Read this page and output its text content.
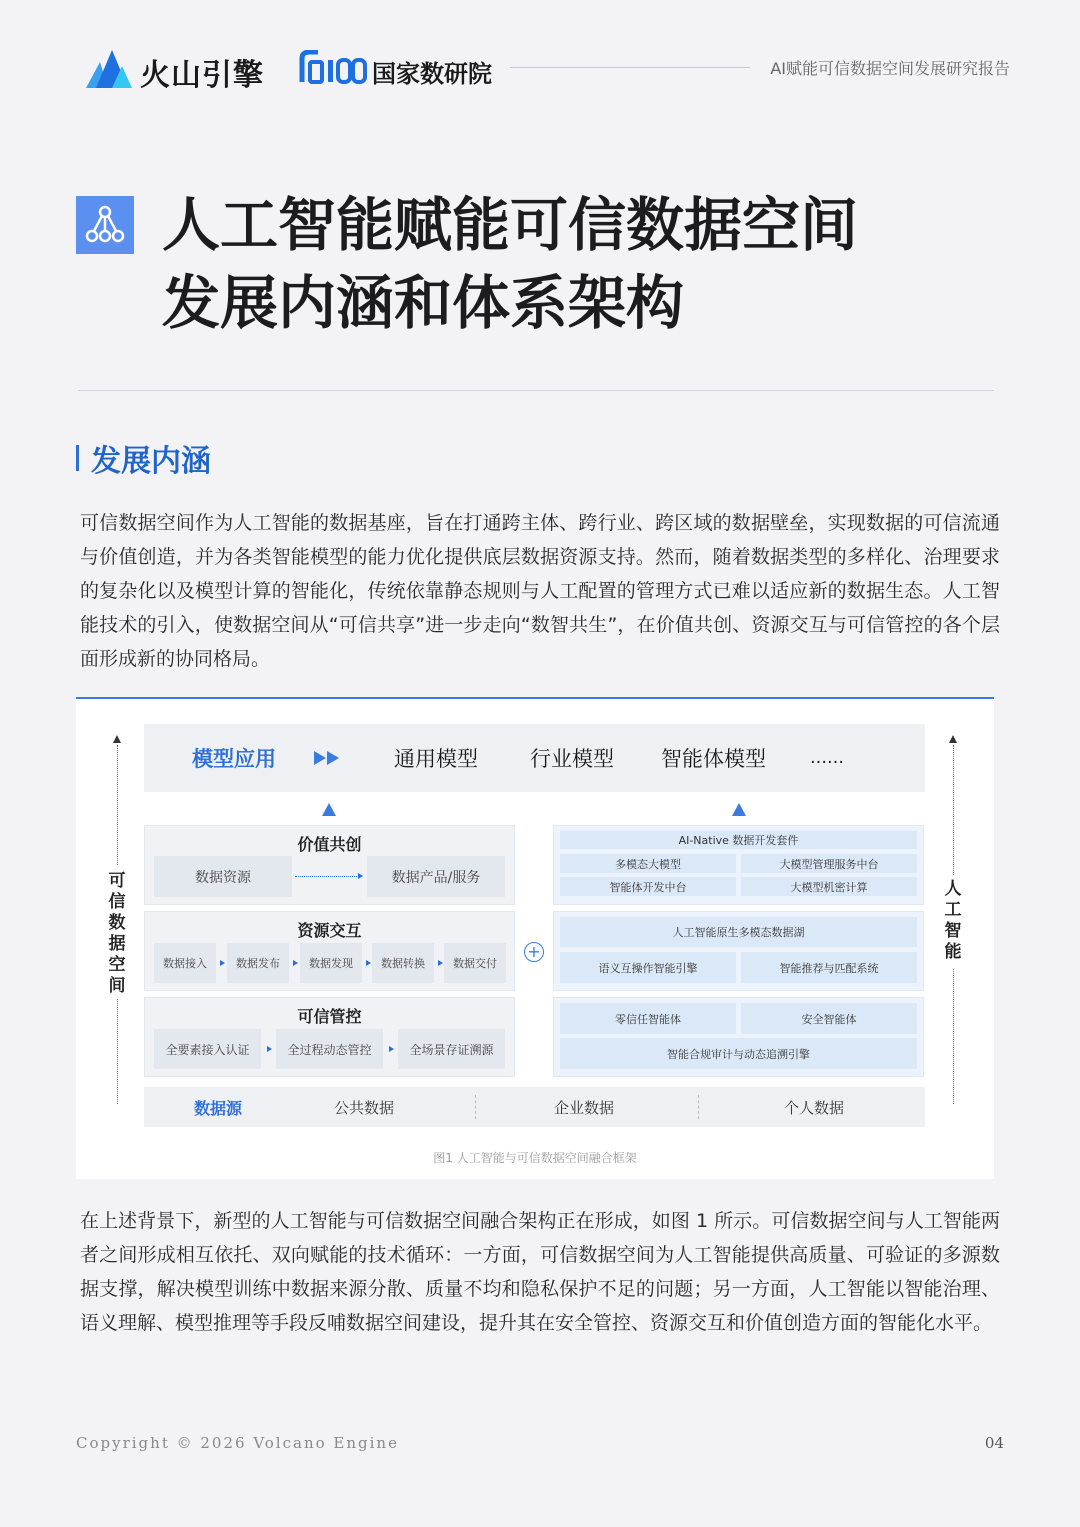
火山引擎	国家数研院	AI赋能可信数据空间发展研究报告
人工智能赋能可信数据空间
发展内涵和体系架构
发展内涵

可信数据空间作为人工智能的数据基座，旨在打通跨主体、跨行业、跨区域的数据壁垒，实现数据的可信流通与价值创造，并为各类智能模型的能力优化提供底层数据资源支持。然而，随着数据类型的多样化、治理要求的复杂化以及模型计算的智能化，传统依靠静态规则与人工配置的管理方式已难以适应新的数据生态。人工智能技术的引入，使数据空间从“可信共享”进一步走向“数智共生”，在价值共创、资源交互与可信管控的各个层面形成新的协同格局。

可
信
数
据
空
间
人
工
智
能
模型应用	通用模型 行业模型 智能体模型	……
价值共创
数据资源	数据产品/服务
资源交互
数据接入	数据发布	数据发现	数据转换	数据交付
可信管控
全要素接入认证	全过程动态管控	全场景存证溯源
+
AI-Native 数据开发套件
多模态大模型	大模型管理服务中台
智能体开发中台	大模型机密计算
人工智能原生多模态数据湖
语义互操作智能引擎	智能推荐与匹配系统
零信任智能体	安全智能体
智能合规审计与动态追溯引擎
数据源	公共数据	企业数据	个人数据
图1 人工智能与可信数据空间融合框架

在上述背景下，新型的人工智能与可信数据空间融合架构正在形成，如图 1 所示。可信数据空间与人工智能两者之间形成相互依托、双向赋能的技术循环：一方面，可信数据空间为人工智能提供高质量、可验证的多源数据支撑，解决模型训练中数据来源分散、质量不均和隐私保护不足的问题；另一方面，人工智能以智能治理、语义理解、模型推理等手段反哺数据空间建设，提升其在安全管控、资源交互和价值创造方面的智能化水平。

Copyright © 2026 Volcano Engine	04
